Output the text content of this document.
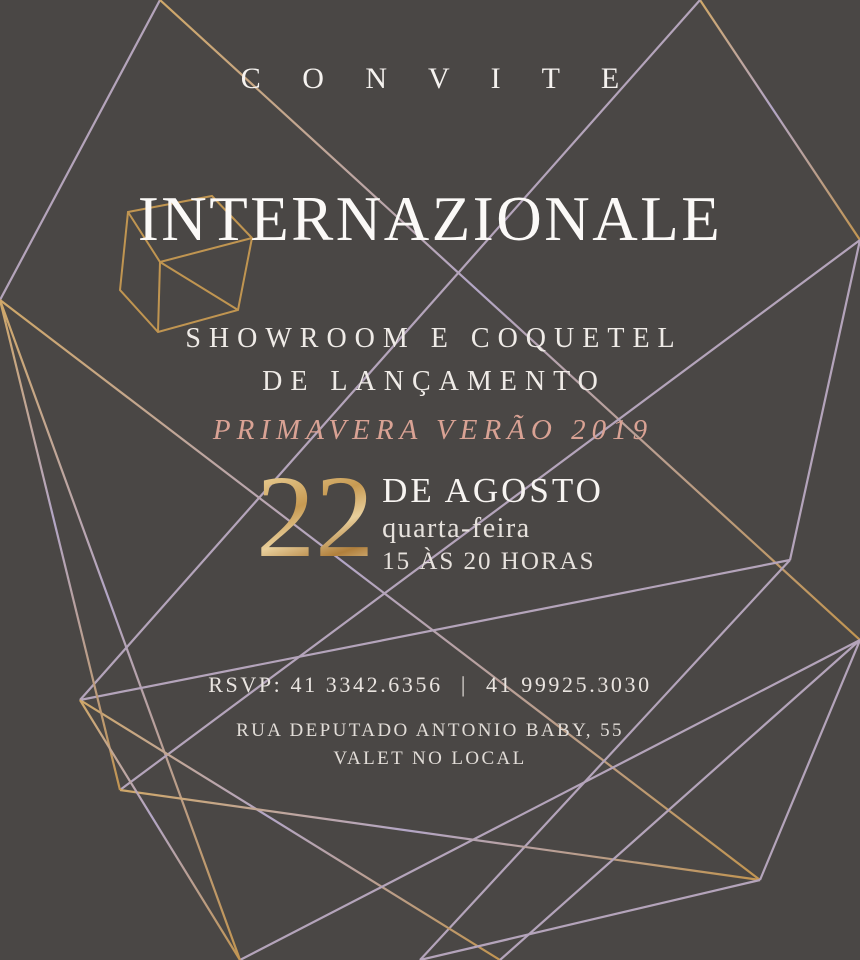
C O N V I T E
INTERNAZIONALE
SHOWROOM E COQUETEL
DE LANÇAMENTO
PRIMAVERA VERÃO 2019
22 DE AGOSTO
quarta-feira
15 ÀS 20 HORAS
RSVP: 41 3342.6356 | 41 99925.3030
RUA DEPUTADO ANTONIO BABY, 55
VALET NO LOCAL
